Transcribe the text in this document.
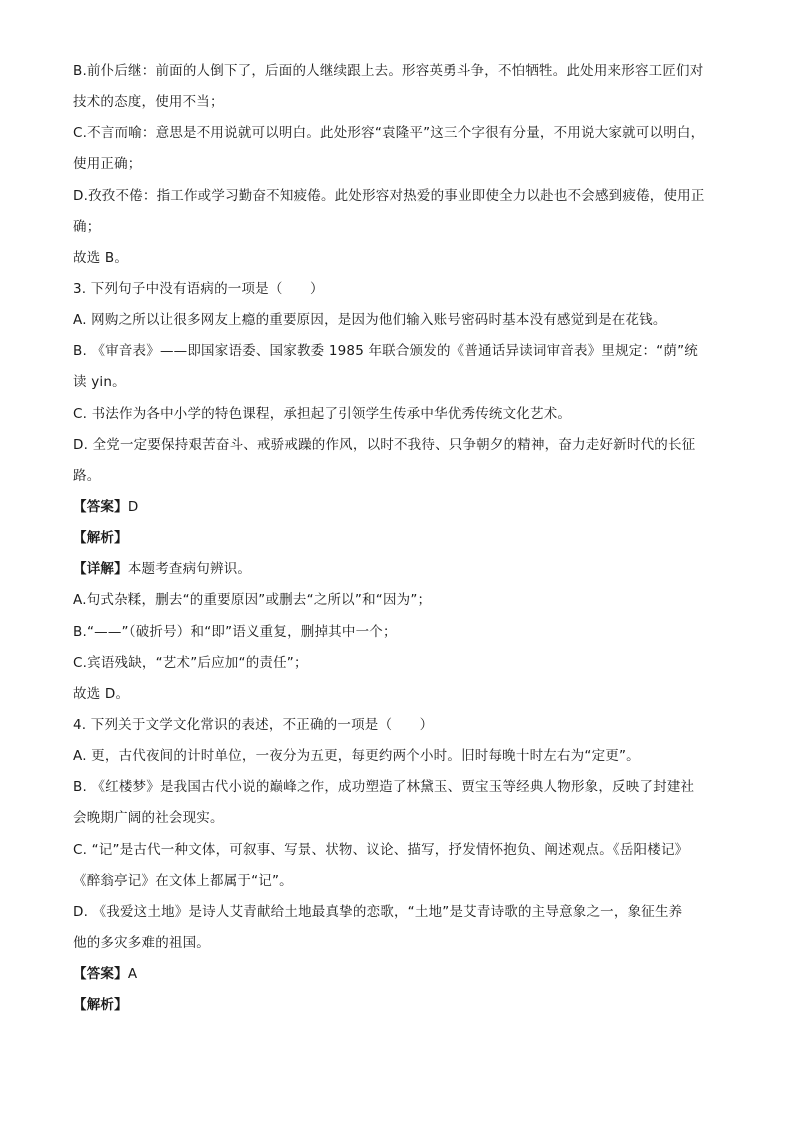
B.前仆后继：前面的人倒下了，后面的人继续跟上去。形容英勇斗争，不怕牺牲。此处用来形容工匠们对
技术的态度，使用不当；
C.不言而喻：意思是不用说就可以明白。此处形容“袁隆平”这三个字很有分量，不用说大家就可以明白，
使用正确；
D.孜孜不倦：指工作或学习勤奋不知疲倦。此处形容对热爱的事业即使全力以赴也不会感到疲倦，使用正
确；
故选 B。
3. 下列句子中没有语病的一项是（　　）
A. 网购之所以让很多网友上瘾的重要原因，是因为他们输入账号密码时基本没有感觉到是在花钱。
B. 《审音表》——即国家语委、国家教委 1985 年联合颁发的《普通话异读词审音表》里规定：“荫”统
读 yin。
C. 书法作为各中小学的特色课程，承担起了引领学生传承中华优秀传统文化艺术。
D. 全党一定要保持艰苦奋斗、戒骄戒躁的作风，以时不我待、只争朝夕的精神，奋力走好新时代的长征
路。
【答案】D
【解析】
【详解】本题考查病句辨识。
A.句式杂糅，删去“的重要原因”或删去“之所以”和“因为”；
B.“——”（破折号）和“即”语义重复，删掉其中一个；
C.宾语残缺，“艺术”后应加“的责任”；
故选 D。
4. 下列关于文学文化常识的表述，不正确的一项是（　　）
A. 更，古代夜间的计时单位，一夜分为五更，每更约两个小时。旧时每晚十时左右为“定更”。
B. 《红楼梦》是我国古代小说的巅峰之作，成功塑造了林黛玉、贾宝玉等经典人物形象，反映了封建社
会晚期广阔的社会现实。
C. “记”是古代一种文体，可叙事、写景、状物、议论、描写，抒发情怀抱负、阐述观点。《岳阳楼记》
《醉翁亭记》在文体上都属于“记”。
D. 《我爱这土地》是诗人艾青献给土地最真挚的恋歌，“土地”是艾青诗歌的主导意象之一，象征生养
他的多灾多难的祖国。
【答案】A
【解析】
